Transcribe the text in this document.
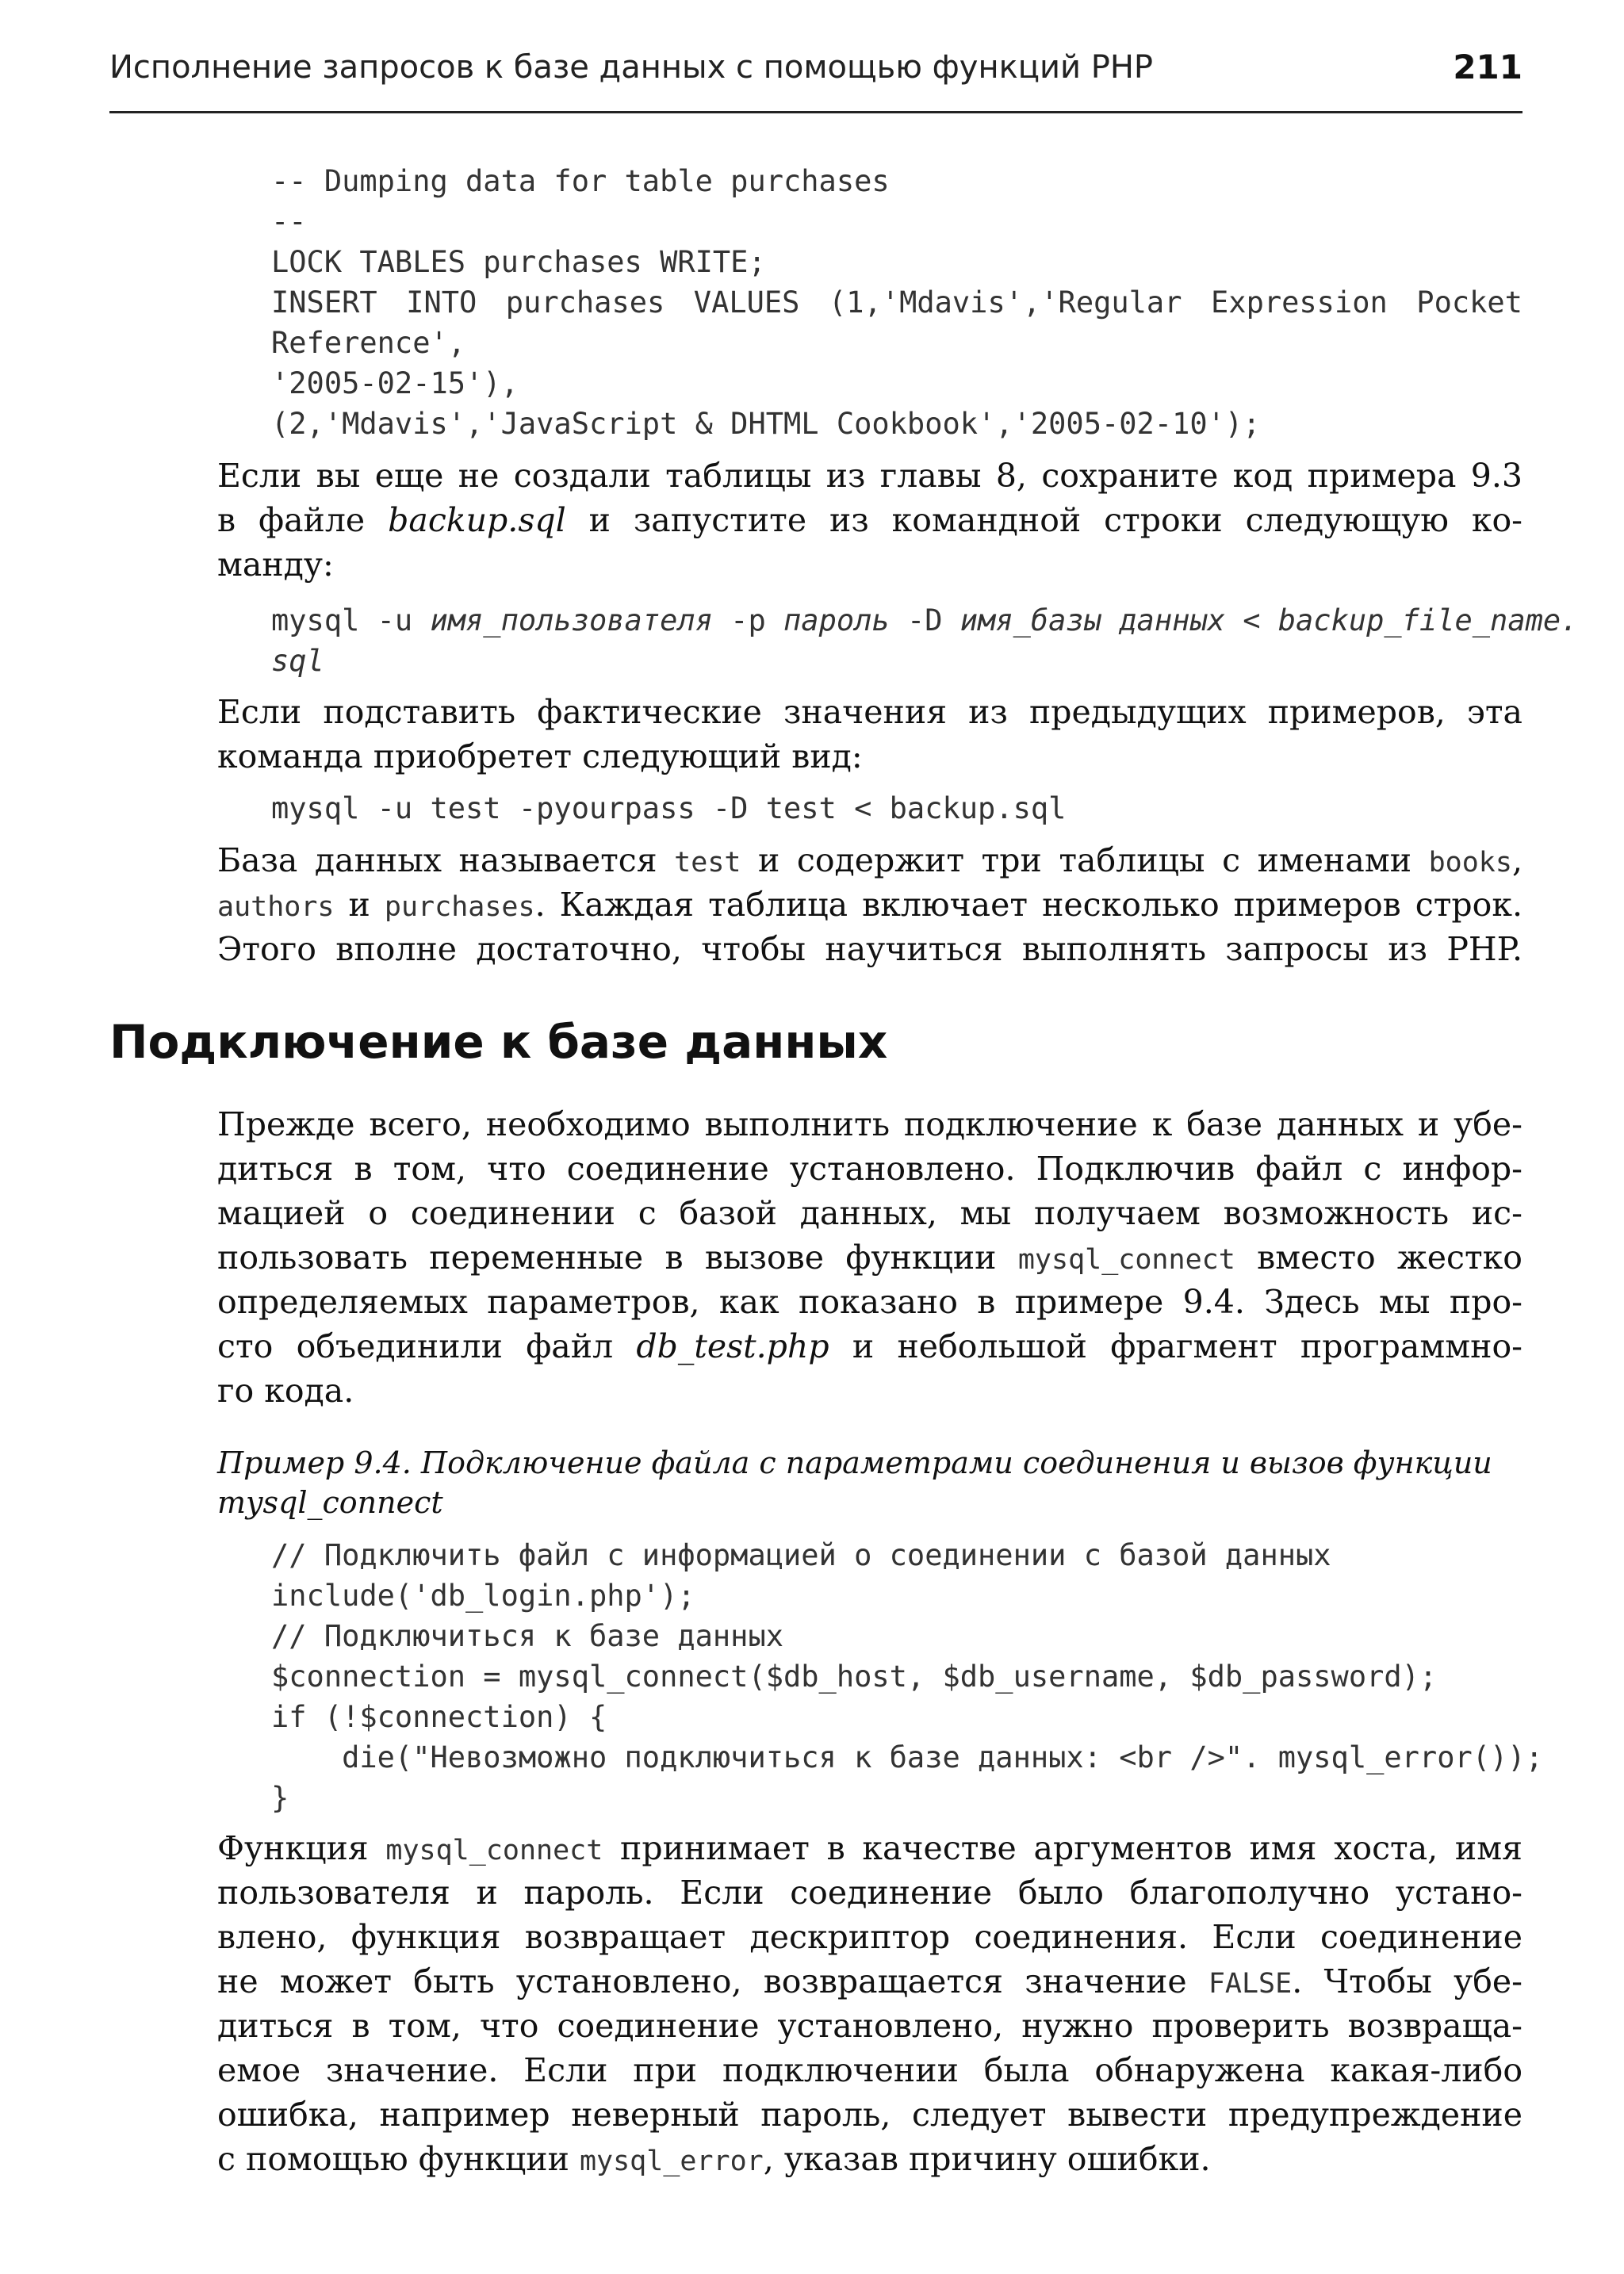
Исполнение запросов к базе данных с помощью функций PHP	211
-- Dumping data for table purchases
--
LOCK TABLES purchases WRITE;
INSERT INTO purchases VALUES (1,'Mdavis','Regular Expression Pocket
Reference',
'2005-02-15'),
(2,'Mdavis','JavaScript & DHTML Cookbook','2005-02-10');
Если вы еще не создали таблицы из главы 8, сохраните код примера 9.3
в файле backup.sql и запустите из командной строки следующую ко-
манду:
mysql -u имя_пользователя -p пароль -D имя_базы данных < backup_file_name.
sql
Если подставить фактические значения из предыдущих примеров, эта
команда приобретет следующий вид:
mysql -u test -pyourpass -D test < backup.sql
База данных называется test и содержит три таблицы с именами books,
authors и purchases. Каждая таблица включает несколько примеров строк.
Этого вполне достаточно, чтобы научиться выполнять запросы из PHP.
Подключение к базе данных
Прежде всего, необходимо выполнить подключение к базе данных и убе-
диться в том, что соединение установлено. Подключив файл с инфор-
мацией о соединении с базой данных, мы получаем возможность ис-
пользовать переменные в вызове функции mysql_connect вместо жестко
определяемых параметров, как показано в примере 9.4. Здесь мы про-
сто объединили файл db_test.php и небольшой фрагмент программно-
го кода.
Пример 9.4. Подключение файла с параметрами соединения и вызов функции
mysql_connect
// Подключить файл с информацией о соединении с базой данных
include('db_login.php');
// Подключиться к базе данных
$connection = mysql_connect($db_host, $db_username, $db_password);
if (!$connection) {
die("Невозможно подключиться к базе данных: <br />". mysql_error());
}
Функция mysql_connect принимает в качестве аргументов имя хоста, имя
пользователя и пароль. Если соединение было благополучно устано-
влено, функция возвращает дескриптор соединения. Если соединение
не может быть установлено, возвращается значение FALSE. Чтобы убе-
диться в том, что соединение установлено, нужно проверить возвраща-
емое значение. Если при подключении была обнаружена какая-либо
ошибка, например неверный пароль, следует вывести предупреждение
с помощью функции mysql_error, указав причину ошибки.
